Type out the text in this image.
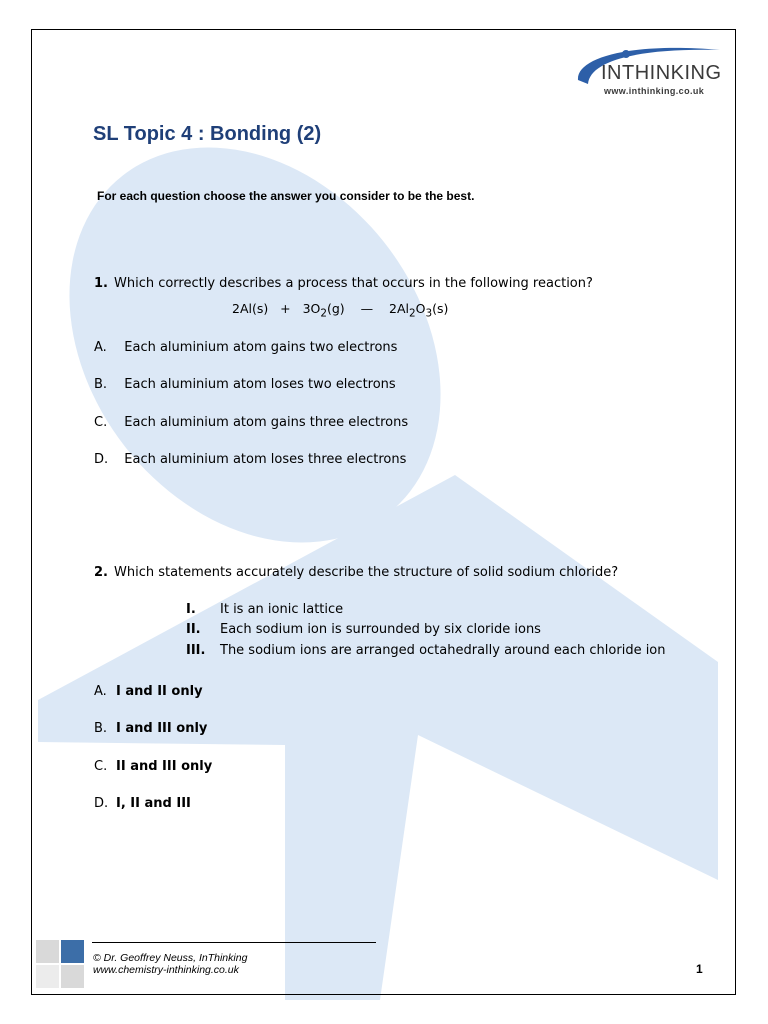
INTHINKING
www.inthinking.co.uk
SL Topic 4 : Bonding (2)
For each question choose the answer you consider to be the best.
1. Which correctly describes a process that occurs in the following reaction?
$2Al(s) + 3O_2(g)$ — $2Al_2O_3(s)$
A. Each aluminium atom gains two electrons
B. Each aluminium atom loses two electrons
C. Each aluminium atom gains three electrons
D. Each aluminium atom loses three electrons
2. Which statements accurately describe the structure of solid sodium chloride?
I. It is an ionic lattice
II. Each sodium ion is surrounded by six cloride ions
III. The sodium ions are arranged octahedrally around each chloride ion
A. I and II only
B. I and III only
C. II and III only
D. I, II and III
© Dr. Geoffrey Neuss, InThinking
www.chemistry-inthinking.co.uk	1
